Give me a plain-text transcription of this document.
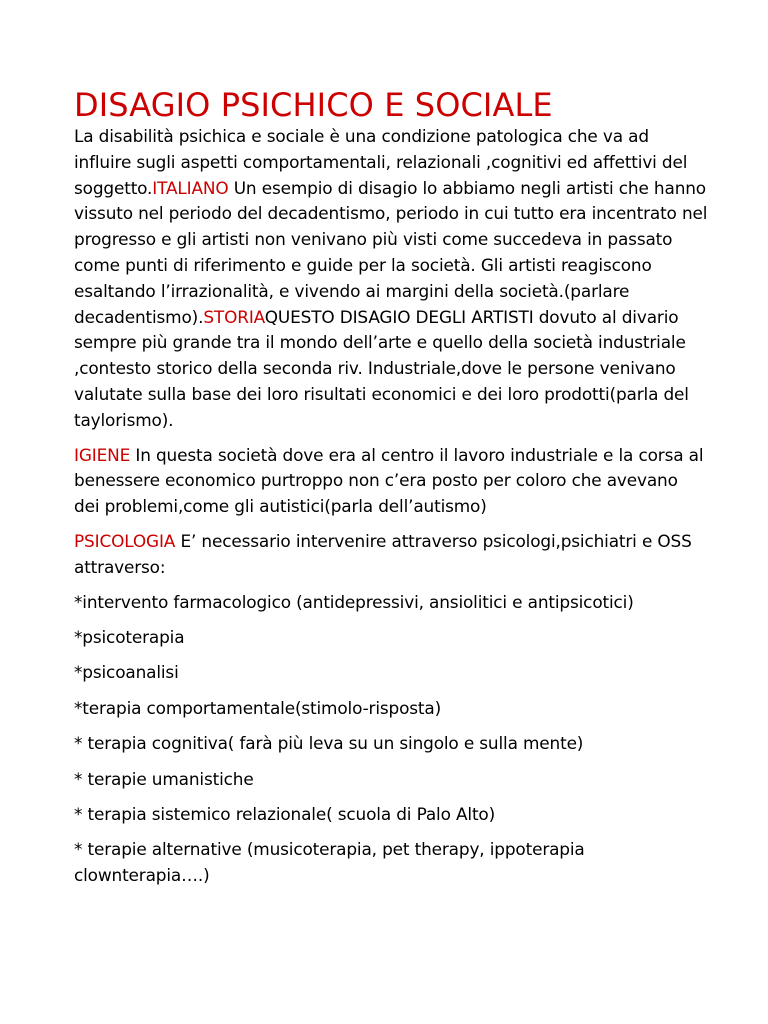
DISAGIO PSICHICO E SOCIALE

La disabilità psichica e sociale è una condizione patologica che va ad influire sugli aspetti comportamentali, relazionali ,cognitivi ed affettivi del soggetto.ITALIANO Un esempio di disagio lo abbiamo negli artisti che hanno vissuto nel periodo del decadentismo, periodo in cui tutto era incentrato nel progresso e gli artisti non venivano più visti come succedeva in passato come punti di riferimento e guide per la società. Gli artisti reagiscono esaltando l’irrazionalità, e vivendo ai margini della società.(parlare decadentismo).STORIAQUESTO DISAGIO DEGLI ARTISTI dovuto al divario sempre più grande tra il mondo dell’arte e quello della società industriale ,contesto storico della seconda riv. Industriale,dove le persone venivano valutate sulla base dei loro risultati economici e dei loro prodotti(parla del taylorismo).

IGIENE In questa società dove era al centro il lavoro industriale e la corsa al benessere economico purtroppo non c’era posto per coloro che avevano dei problemi,come gli autistici(parla dell’autismo)

PSICOLOGIA E’ necessario intervenire attraverso psicologi,psichiatri e OSS attraverso:

*intervento farmacologico (antidepressivi, ansiolitici e antipsicotici)

*psicoterapia

*psicoanalisi

*terapia comportamentale(stimolo-risposta)

* terapia cognitiva( farà più leva su un singolo e sulla mente)

* terapie umanistiche

* terapia sistemico relazionale( scuola di Palo Alto)

* terapie alternative (musicoterapia, pet therapy, ippoterapia clownterapia….)
